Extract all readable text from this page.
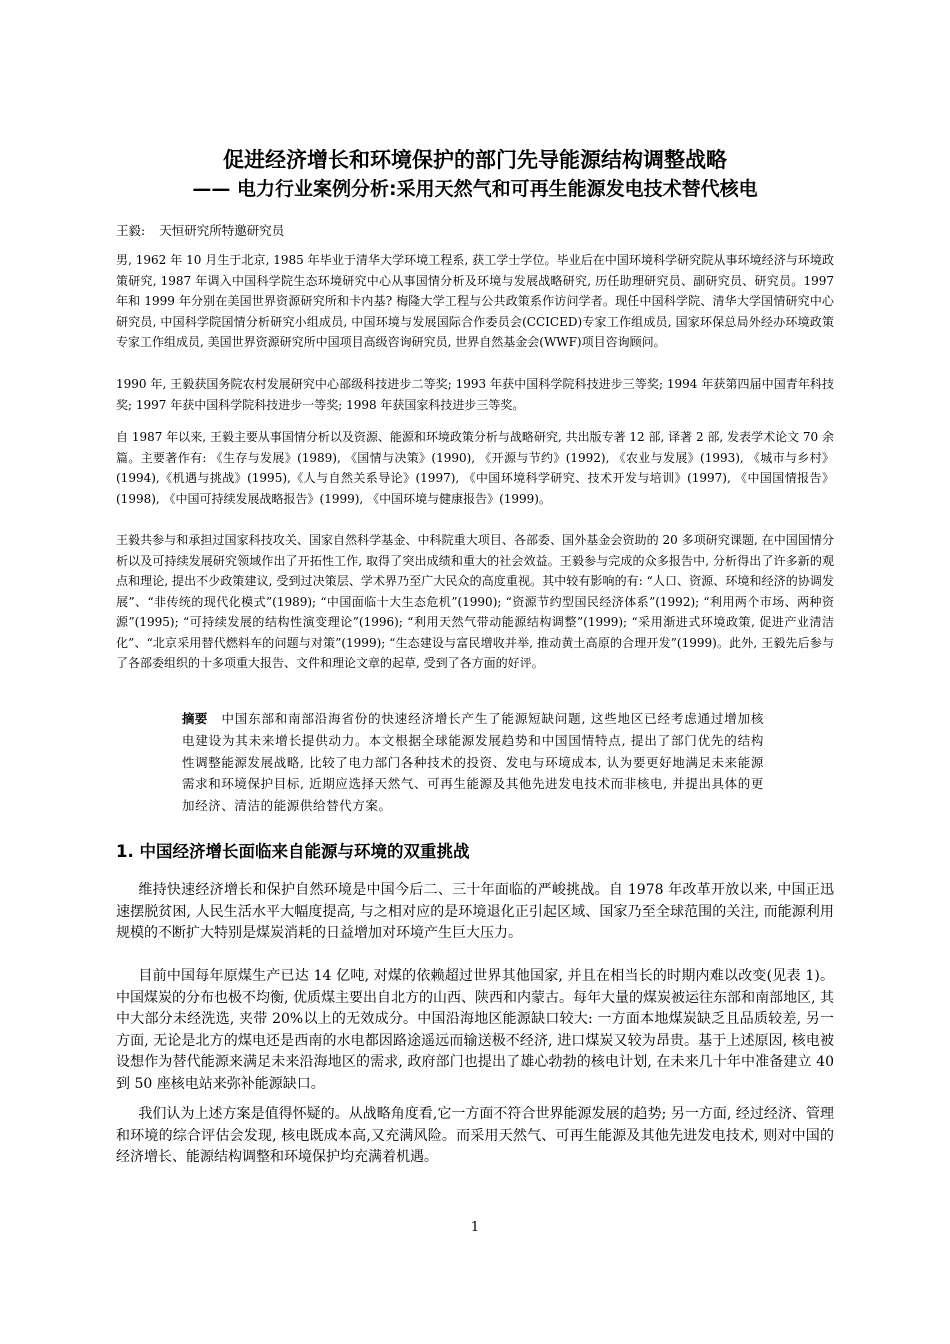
促进经济增长和环境保护的部门先导能源结构调整战略
—— 电力行业案例分析:采用天然气和可再生能源发电技术替代核电
王毅: 天恒研究所特邀研究员

男, 1962 年 10 月生于北京, 1985 年毕业于清华大学环境工程系, 获工学士学位。毕业后在中国环境科学研究院从事环境经济与环境政策研究, 1987 年调入中国科学院生态环境研究中心从事国情分析及环境与发展战略研究, 历任助理研究员、副研究员、研究员。1997 年和 1999 年分别在美国世界资源研究所和卡内基? 梅隆大学工程与公共政策系作访问学者。现任中国科学院、清华大学国情研究中心研究员, 中国科学院国情分析研究小组成员, 中国环境与发展国际合作委员会(CCICED)专家工作组成员, 国家环保总局外经办环境政策专家工作组成员, 美国世界资源研究所中国项目高级咨询研究员, 世界自然基金会(WWF)项目咨询顾问。

1990 年, 王毅获国务院农村发展研究中心部级科技进步二等奖; 1993 年获中国科学院科技进步三等奖; 1994 年获第四届中国青年科技奖; 1997 年获中国科学院科技进步一等奖; 1998 年获国家科技进步三等奖。

自 1987 年以来, 王毅主要从事国情分析以及资源、能源和环境政策分析与战略研究, 共出版专著 12 部, 译著 2 部, 发表学术论文 70 余篇。主要著作有: 《生存与发展》(1989), 《国情与决策》(1990), 《开源与节约》(1992), 《农业与发展》(1993), 《城市与乡村》(1994),《机遇与挑战》(1995),《人与自然关系导论》(1997), 《中国环境科学研究、技术开发与培训》(1997), 《中国国情报告》(1998), 《中国可持续发展战略报告》(1999), 《中国环境与健康报告》(1999)。

王毅共参与和承担过国家科技攻关、国家自然科学基金、中科院重大项目、各部委、国外基金会资助的 20 多项研究课题, 在中国国情分析以及可持续发展研究领域作出了开拓性工作, 取得了突出成绩和重大的社会效益。王毅参与完成的众多报告中, 分析得出了许多新的观点和理论, 提出不少政策建议, 受到过决策层、学术界乃至广大民众的高度重视。其中较有影响的有: “人口、资源、环境和经济的协调发展”、“非传统的现代化模式”(1989); “中国面临十大生态危机”(1990); “资源节约型国民经济体系”(1992); “利用两个市场、两种资源”(1995); “可持续发展的结构性演变理论”(1996); “利用天然气带动能源结构调整”(1999); “采用渐进式环境政策, 促进产业清洁化”、“北京采用替代燃料车的问题与对策”(1999); “生态建设与富民增收并举, 推动黄土高原的合理开发”(1999)。此外, 王毅先后参与了各部委组织的十多项重大报告、文件和理论文章的起草, 受到了各方面的好评。

摘要 中国东部和南部沿海省份的快速经济增长产生了能源短缺问题, 这些地区已经考虑通过增加核电建设为其未来增长提供动力。本文根据全球能源发展趋势和中国国情特点, 提出了部门优先的结构性调整能源发展战略, 比较了电力部门各种技术的投资、发电与环境成本, 认为要更好地满足未来能源需求和环境保护目标, 近期应选择天然气、可再生能源及其他先进发电技术而非核电, 并提出具体的更加经济、清洁的能源供给替代方案。

1. 中国经济增长面临来自能源与环境的双重挑战

维持快速经济增长和保护自然环境是中国今后二、三十年面临的严峻挑战。自 1978 年改革开放以来, 中国正迅速摆脱贫困, 人民生活水平大幅度提高, 与之相对应的是环境退化正引起区域、国家乃至全球范围的关注, 而能源利用规模的不断扩大特别是煤炭消耗的日益增加对环境产生巨大压力。

目前中国每年原煤生产已达 14 亿吨, 对煤的依赖超过世界其他国家, 并且在相当长的时期内难以改变(见表 1)。中国煤炭的分布也极不均衡, 优质煤主要出自北方的山西、陕西和内蒙古。每年大量的煤炭被运往东部和南部地区, 其中大部分未经洗选, 夹带 20%以上的无效成分。中国沿海地区能源缺口较大: 一方面本地煤炭缺乏且品质较差, 另一方面, 无论是北方的煤电还是西南的水电都因路途遥远而输送极不经济, 进口煤炭又较为昂贵。基于上述原因, 核电被设想作为替代能源来满足未来沿海地区的需求, 政府部门也提出了雄心勃勃的核电计划, 在未来几十年中准备建立 40 到 50 座核电站来弥补能源缺口。

我们认为上述方案是值得怀疑的。从战略角度看,它一方面不符合世界能源发展的趋势; 另一方面, 经过经济、管理和环境的综合评估会发现, 核电既成本高,又充满风险。而采用天然气、可再生能源及其他先进发电技术, 则对中国的经济增长、能源结构调整和环境保护均充满着机遇。

1
